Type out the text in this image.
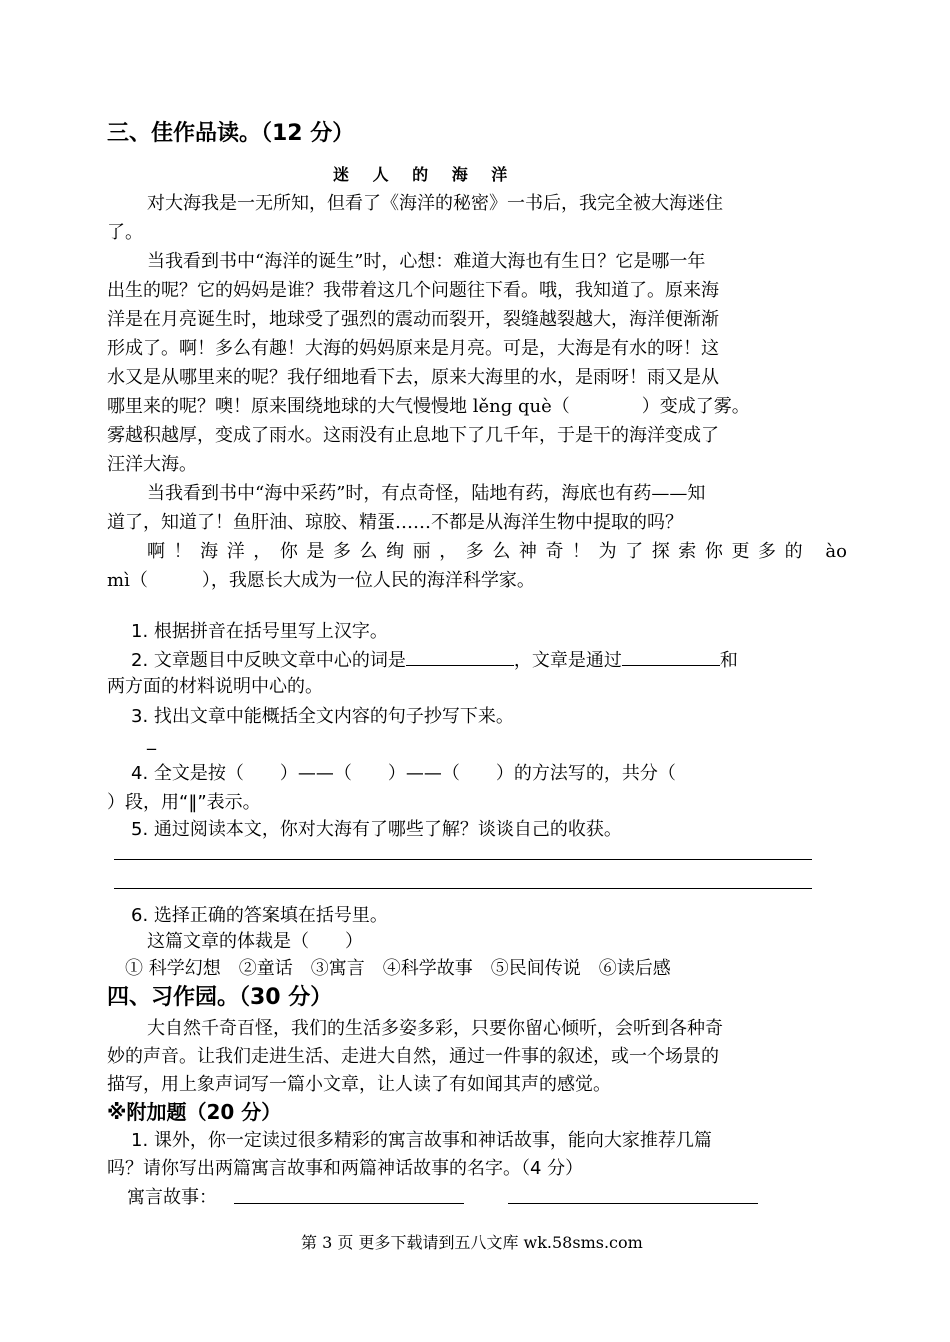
三、佳作品读。（12 分）
迷 人 的 海 洋
对大海我是一无所知，但看了《海洋的秘密》一书后，我完全被大海迷住
了。
当我看到书中“海洋的诞生”时，心想：难道大海也有生日？它是哪一年
出生的呢？它的妈妈是谁？我带着这几个问题往下看。哦，我知道了。原来海
洋是在月亮诞生时，地球受了强烈的震动而裂开，裂缝越裂越大，海洋便渐渐
形成了。啊！多么有趣！大海的妈妈原来是月亮。可是，大海是有水的呀！这
水又是从哪里来的呢？我仔细地看下去，原来大海里的水，是雨呀！雨又是从
哪里来的呢？噢！原来围绕地球的大气慢慢地 lěnɡ què（　　　　）变成了雾。
雾越积越厚，变成了雨水。这雨没有止息地下了几千年，于是干的海洋变成了
汪洋大海。
当我看到书中“海中采药”时，有点奇怪，陆地有药，海底也有药——知
道了，知道了！鱼肝油、琼胶、精蛋……不都是从海洋生物中提取的吗？
啊！海洋，你是多么绚丽，多么神奇！为了探索你更多的 ào
mì（　　　），我愿长大成为一位人民的海洋科学家。
1. 根据拼音在括号里写上汉字。
2. 文章题目中反映文章中心的词是	，文章是通过	和
两方面的材料说明中心的。
3. 找出文章中能概括全文内容的句子抄写下来。
_
4. 全文是按（　　）——（　　）——（　　）的方法写的，共分（
）段，用“‖”表示。
5. 通过阅读本文，你对大海有了哪些了解？谈谈自己的收获。
6. 选择正确的答案填在括号里。
这篇文章的体裁是（　　）
① 科学幻想　②童话　③寓言　④科学故事　⑤民间传说　⑥读后感
四、习作园。（30 分）
大自然千奇百怪，我们的生活多姿多彩，只要你留心倾听，会听到各种奇
妙的声音。让我们走进生活、走进大自然，通过一件事的叙述，或一个场景的
描写，用上象声词写一篇小文章，让人读了有如闻其声的感觉。
※附加题（20 分）
1. 课外，你一定读过很多精彩的寓言故事和神话故事，能向大家推荐几篇
吗？请你写出两篇寓言故事和两篇神话故事的名字。（4 分）
寓言故事：
第 3 页 更多下载请到五八文库 wk.58sms.com
